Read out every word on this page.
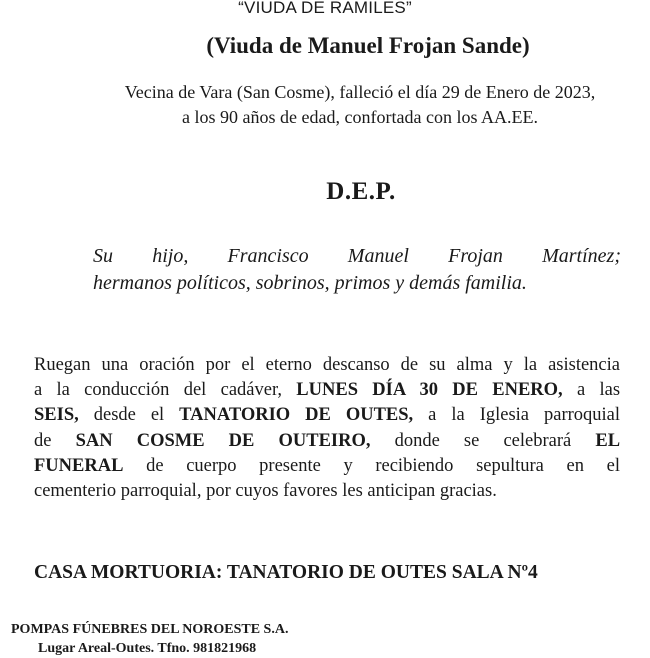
“VIUDA DE RAMILES”
(Viuda de Manuel Frojan Sande)
Vecina de Vara (San Cosme), falleció el día 29 de Enero de 2023,
a los 90 años de edad, confortada con los AA.EE.
D.E.P.
Su hijo, Francisco Manuel Frojan Martínez;
hermanos políticos, sobrinos, primos y demás familia.
Ruegan una oración por el eterno descanso de su alma y la asistencia
a la conducción del cadáver, LUNES DÍA 30 DE ENERO, a las
SEIS, desde el TANATORIO DE OUTES, a la Iglesia parroquial
de SAN COSME DE OUTEIRO, donde se celebrará EL
FUNERAL de cuerpo presente y recibiendo sepultura en el
cementerio parroquial, por cuyos favores les anticipan gracias.
CASA MORTUORIA: TANATORIO DE OUTES SALA Nº4
POMPAS FÚNEBRES DEL NOROESTE S.A.
Lugar Areal-Outes. Tfno. 981821968
